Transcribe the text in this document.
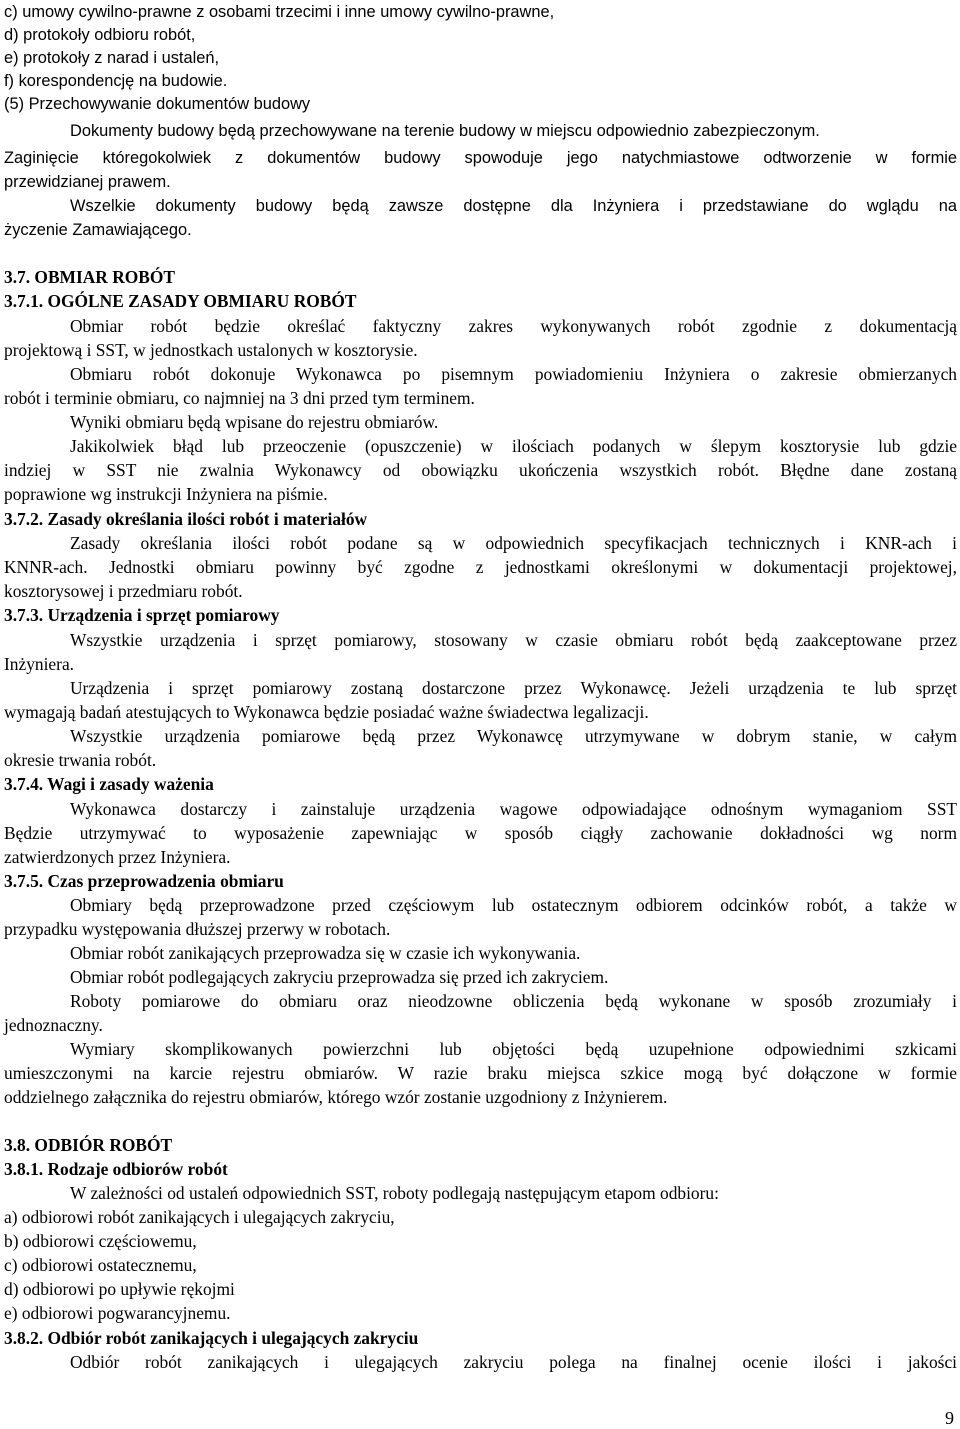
c) umowy cywilno-prawne z osobami trzecimi i inne umowy cywilno-prawne,
d) protokoły odbioru robót,
e) protokoły z narad i ustaleń,
f) korespondencję na budowie.
(5) Przechowywanie dokumentów budowy
Dokumenty budowy będą przechowywane na terenie budowy w miejscu odpowiednio zabezpieczonym.
Zaginięcie któregokolwiek z dokumentów budowy spowoduje jego natychmiastowe odtworzenie w formie
przewidzianej prawem.
Wszelkie dokumenty budowy będą zawsze dostępne dla Inżyniera i przedstawiane do wglądu na
życzenie Zamawiającego.
3.7. OBMIAR ROBÓT
3.7.1. OGÓLNE ZASADY OBMIARU ROBÓT
Obmiar robót będzie określać faktyczny zakres wykonywanych robót zgodnie z dokumentacją
projektową i SST, w jednostkach ustalonych w kosztorysie.
Obmiaru robót dokonuje Wykonawca po pisemnym powiadomieniu Inżyniera o zakresie obmierzanych
robót i terminie obmiaru, co najmniej na 3 dni przed tym terminem.
Wyniki obmiaru będą wpisane do rejestru obmiarów.
Jakikolwiek błąd lub przeoczenie (opuszczenie) w ilościach podanych w ślepym kosztorysie lub gdzie
indziej w SST nie zwalnia Wykonawcy od obowiązku ukończenia wszystkich robót. Błędne dane zostaną
poprawione wg instrukcji Inżyniera na piśmie.
3.7.2. Zasady określania ilości robót i materiałów
Zasady określania ilości robót podane są w odpowiednich specyfikacjach technicznych i KNR-ach i
KNNR-ach. Jednostki obmiaru powinny być zgodne z jednostkami określonymi w dokumentacji projektowej,
kosztorysowej i przedmiaru robót.
3.7.3. Urządzenia i sprzęt pomiarowy
Wszystkie urządzenia i sprzęt pomiarowy, stosowany w czasie obmiaru robót będą zaakceptowane przez
Inżyniera.
Urządzenia i sprzęt pomiarowy zostaną dostarczone przez Wykonawcę. Jeżeli urządzenia te lub sprzęt
wymagają badań atestujących to Wykonawca będzie posiadać ważne świadectwa legalizacji.
Wszystkie urządzenia pomiarowe będą przez Wykonawcę utrzymywane w dobrym stanie, w całym
okresie trwania robót.
3.7.4. Wagi i zasady ważenia
Wykonawca dostarczy i zainstaluje urządzenia wagowe odpowiadające odnośnym wymaganiom SST
Będzie utrzymywać to wyposażenie zapewniając w sposób ciągły zachowanie dokładności wg norm
zatwierdzonych przez Inżyniera.
3.7.5. Czas przeprowadzenia obmiaru
Obmiary będą przeprowadzone przed częściowym lub ostatecznym odbiorem odcinków robót, a także w
przypadku występowania dłuższej przerwy w robotach.
Obmiar robót zanikających przeprowadza się w czasie ich wykonywania.
Obmiar robót podlegających zakryciu przeprowadza się przed ich zakryciem.
Roboty pomiarowe do obmiaru oraz nieodzowne obliczenia będą wykonane w sposób zrozumiały i
jednoznaczny.
Wymiary skomplikowanych powierzchni lub objętości będą uzupełnione odpowiednimi szkicami
umieszczonymi na karcie rejestru obmiarów. W razie braku miejsca szkice mogą być dołączone w formie
oddzielnego załącznika do rejestru obmiarów, którego wzór zostanie uzgodniony z Inżynierem.
3.8. ODBIÓR ROBÓT
3.8.1. Rodzaje odbiorów robót
W zależności od ustaleń odpowiednich SST, roboty podlegają następującym etapom odbioru:
a) odbiorowi robót zanikających i ulegających zakryciu,
b) odbiorowi częściowemu,
c) odbiorowi ostatecznemu,
d) odbiorowi po upływie rękojmi
e) odbiorowi pogwarancyjnemu.
3.8.2. Odbiór robót zanikających i ulegających zakryciu
Odbiór robót zanikających i ulegających zakryciu polega na finalnej ocenie ilości i jakości
9
